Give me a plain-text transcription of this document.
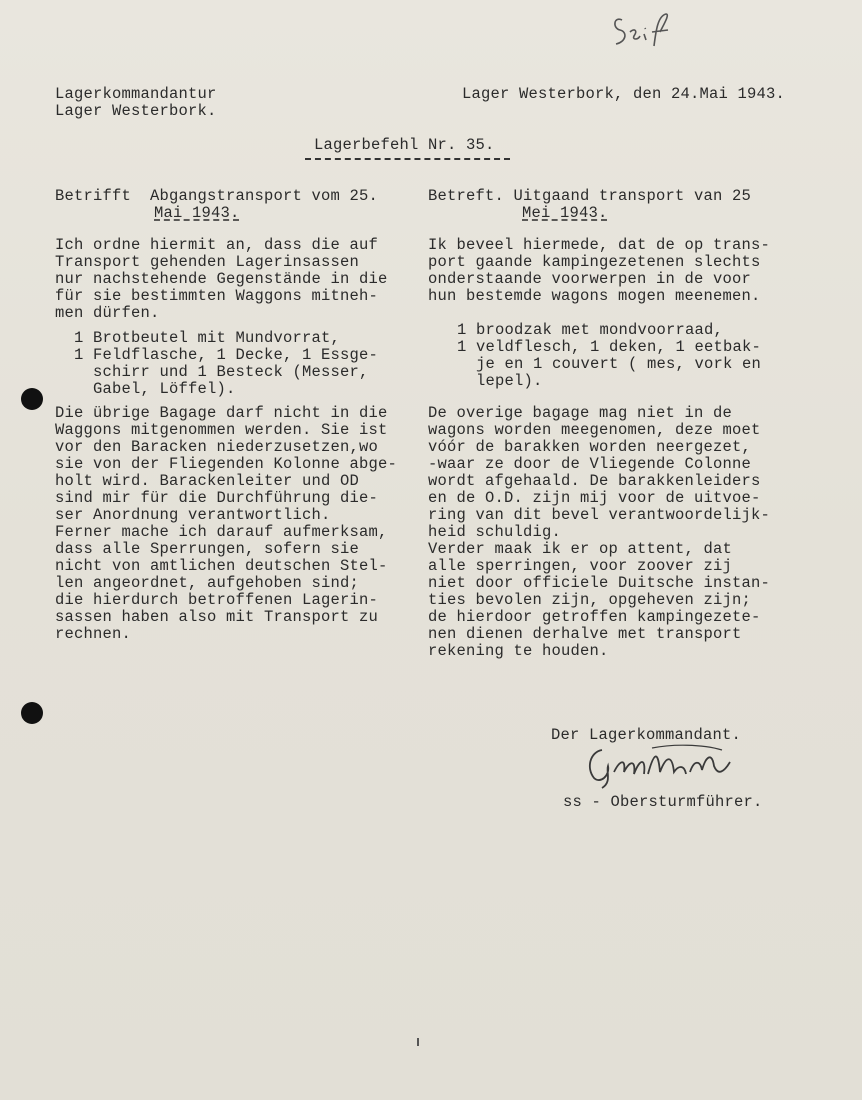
Lagerkommandantur
Lager Westerbork.
Lager Westerbork, den 24.Mai 1943.
Lagerbefehl Nr. 35.
Betrifft  Abgangstransport vom 25.
Mai 1943.
Ich ordne hiermit an, dass die auf
Transport gehenden Lagerinsassen
nur nachstehende Gegenstände in die
für sie bestimmten Waggons mitneh-
men dürfen.
1 Brotbeutel mit Mundvorrat,
1 Feldflasche, 1 Decke, 1 Essge-
schirr und 1 Besteck (Messer,
Gabel, Löffel).
Die übrige Bagage darf nicht in die
Waggons mitgenommen werden. Sie ist
vor den Baracken niederzusetzen,wo
sie von der Fliegenden Kolonne abge-
holt wird. Barackenleiter und OD
sind mir für die Durchführung die-
ser Anordnung verantwortlich.
Ferner mache ich darauf aufmerksam,
dass alle Sperrungen, sofern sie
nicht von amtlichen deutschen Stel-
len angeordnet, aufgehoben sind;
die hierdurch betroffenen Lagerin-
sassen haben also mit Transport zu
rechnen.
Betreft. Uitgaand transport van 25
Mei 1943.
Ik beveel hiermede, dat de op trans-
port gaande kampingezetenen slechts
onderstaande voorwerpen in de voor
hun bestemde wagons mogen meenemen.
1 broodzak met mondvoorraad,
1 veldflesch, 1 deken, 1 eetbak-
je en 1 couvert ( mes, vork en
lepel).
De overige bagage mag niet in de
wagons worden meegenomen, deze moet
vóór de barakken worden neergezet,
-waar ze door de Vliegende Colonne
wordt afgehaald. De barakkenleiders
en de O.D. zijn mij voor de uitvoe-
ring van dit bevel verantwoordelijk-
heid schuldig.
Verder maak ik er op attent, dat
alle sperringen, voor zoover zij
niet door officiele Duitsche instan-
ties bevolen zijn, opgeheven zijn;
de hierdoor getroffen kampingezete-
nen dienen derhalve met transport
rekening te houden.
Der Lagerkommandant.
ss - Obersturmführer.
